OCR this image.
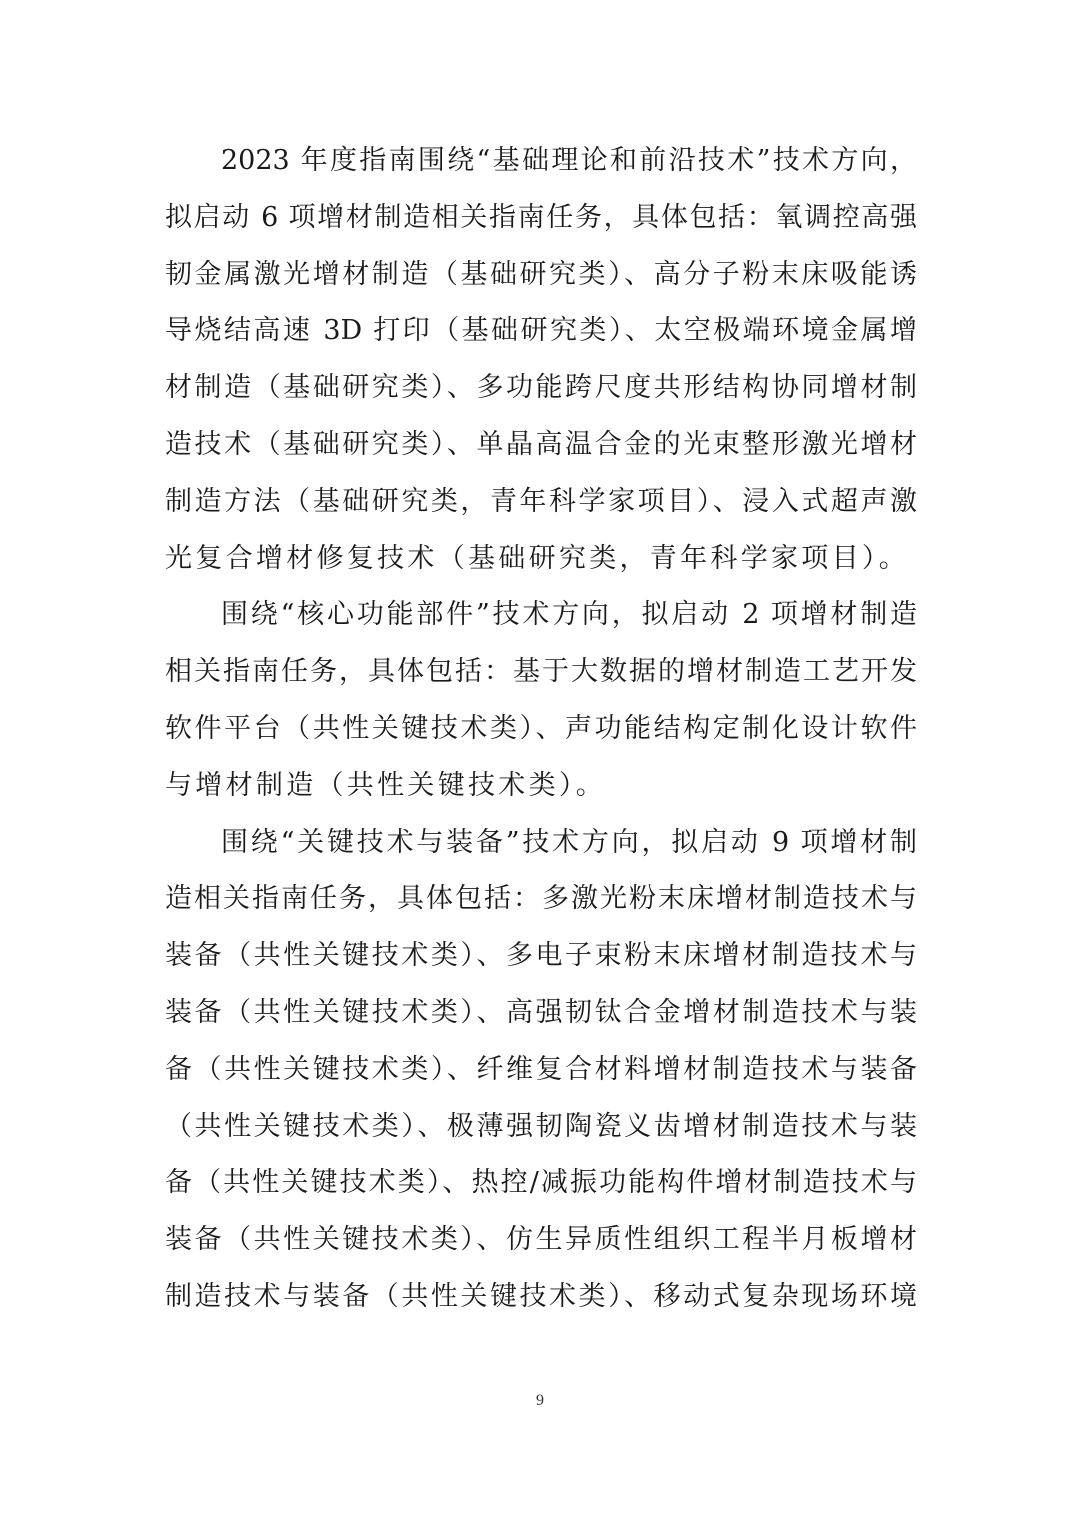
2023 年度指南围绕“基础理论和前沿技术”技术方向，
拟启动 6 项增材制造相关指南任务，具体包括：氧调控高强
韧金属激光增材制造（基础研究类）、高分子粉末床吸能诱
导烧结高速 3D 打印（基础研究类）、太空极端环境金属增
材制造（基础研究类）、多功能跨尺度共形结构协同增材制
造技术（基础研究类）、单晶高温合金的光束整形激光增材
制造方法（基础研究类，青年科学家项目）、浸入式超声激
光复合增材修复技术（基础研究类，青年科学家项目）。
围绕“核心功能部件”技术方向，拟启动 2 项增材制造
相关指南任务，具体包括：基于大数据的增材制造工艺开发
软件平台（共性关键技术类）、声功能结构定制化设计软件
与增材制造（共性关键技术类）。
围绕“关键技术与装备”技术方向，拟启动 9 项增材制
造相关指南任务，具体包括：多激光粉末床增材制造技术与
装备（共性关键技术类）、多电子束粉末床增材制造技术与
装备（共性关键技术类）、高强韧钛合金增材制造技术与装
备（共性关键技术类）、纤维复合材料增材制造技术与装备
（共性关键技术类）、极薄强韧陶瓷义齿增材制造技术与装
备（共性关键技术类）、热控/减振功能构件增材制造技术与
装备（共性关键技术类）、仿生异质性组织工程半月板增材
制造技术与装备（共性关键技术类）、移动式复杂现场环境
9
